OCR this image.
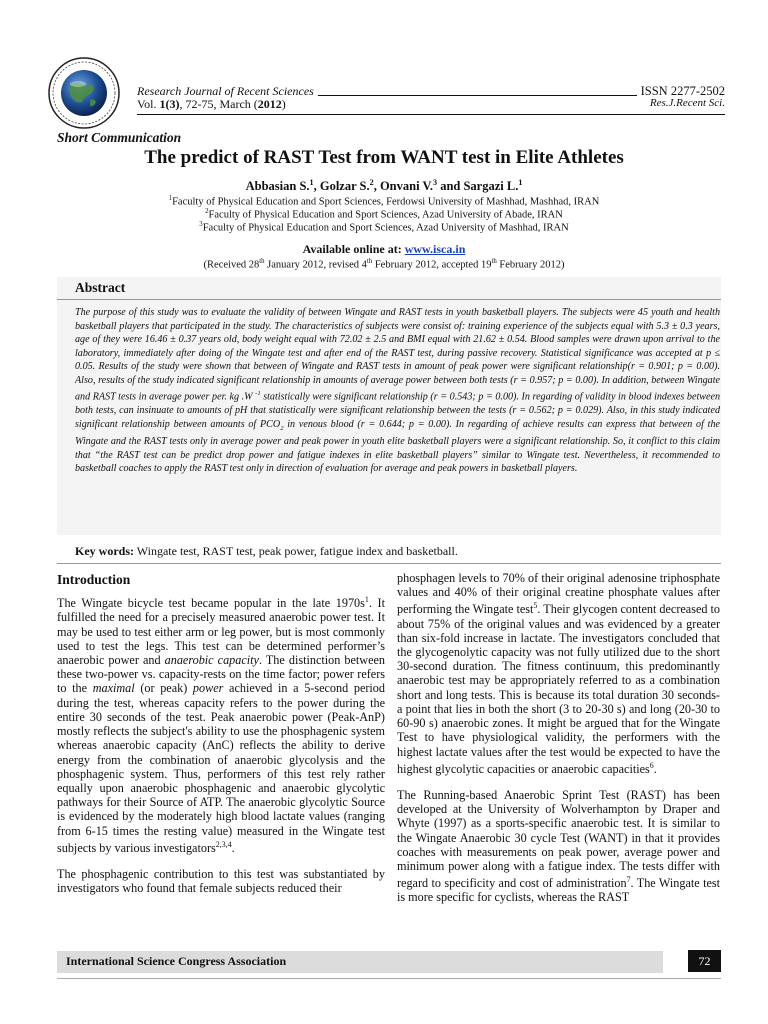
Research Journal of Recent Sciences	ISSN 2277-2502
Vol. 1(3), 72-75, March (2012)	Res.J.Recent Sci.
Short Communication
The predict of RAST Test from WANT test in Elite Athletes
Abbasian S.$^1$, Golzar S.$^2$, Onvani V.$^3$ and Sargazi L.$^1$
$^1$Faculty of Physical Education and Sport Sciences, Ferdowsi University of Mashhad, Mashhad, IRAN
$^2$Faculty of Physical Education and Sport Sciences, Azad University of Abade, IRAN
$^3$Faculty of Physical Education and Sport Sciences, Azad University of Mashhad, IRAN
Available online at: www.isca.in
(Received 28th January 2012, revised 4th February 2012, accepted 19th February 2012)
Abstract
The purpose of this study was to evaluate the validity of between Wingate and RAST tests in youth basketball players. The subjects were 45 youth and health basketball players that participated in the study. The characteristics of subjects were consist of: training experience of the subjects equal with 5.3 ± 0.3 years, age of they were 16.46 ± 0.37 years old, body weight equal with 72.02 ± 2.5 and BMI equal with 21.62 ± 0.54. Blood samples were drawn upon arrival to the laboratory, immediately after doing of the Wingate test and after end of the RAST test, during passive recovery. Statistical significance was accepted at p ≤ 0.05. Results of the study were shown that between of Wingate and RAST tests in amount of peak power were significant relationship(r = 0.901; p = 0.00). Also, results of the study indicated significant relationship in amounts of average power between both tests (r = 0.957; p = 0.00). In addition, between Wingate and RAST tests in average power per. kg .W $^{-1}$ statistically were significant relationship (r = 0.543; p = 0.00). In regarding of validity in blood indexes between both tests, can insinuate to amounts of pH that statistically were significant relationship between the tests (r = 0.562; p = 0.029). Also, in this study indicated significant relationship between amounts of $PCO_2$ in venous blood (r = 0.644; p = 0.00). In regarding of achieve results can express that between of the Wingate and the RAST tests only in average power and peak power in youth elite basketball players were a significant relationship. So, it conflict to this claim that “the RAST test can be predict drop power and fatigue indexes in elite basketball players” similar to Wingate test. Nevertheless, it recommended to basketball coaches to apply the RAST test only in direction of evaluation for average and peak powers in basketball players.
Key words: Wingate test, RAST test, peak power, fatigue index and basketball.
Introduction

The Wingate bicycle test became popular in the late $1970s^1$. It fulfilled the need for a precisely measured anaerobic power test. It may be used to test either arm or leg power, but is most commonly used to test the legs. This test can be determined performer’s anaerobic power and anaerobic capacity. The distinction between these two-power vs. capacity-rests on the time factor; power refers to the maximal (or peak) power achieved in a 5-second period during the test, whereas capacity refers to the power during the entire 30 seconds of the test. Peak anaerobic power (Peak-AnP) mostly reflects the subject's ability to use the phosphagenic system whereas anaerobic capacity (AnC) reflects the ability to derive energy from the combination of anaerobic glycolysis and the phosphagenic system. Thus, performers of this test rely rather equally upon anaerobic phosphagenic and anaerobic glycolytic pathways for their Source of ATP. The anaerobic glycolytic Source is evidenced by the moderately high blood lactate values (ranging from 6-15 times the resting value) measured in the Wingate test subjects by various investigators$^{2,3,4}$.

The phosphagenic contribution to this test was substantiated by investigators who found that female subjects reduced their

phosphagen levels to 70% of their original adenosine triphosphate values and 40% of their original creatine phosphate values after performing the Wingate test$^5$. Their glycogen content decreased to about 75% of the original values and was evidenced by a greater than six-fold increase in lactate. The investigators concluded that the glycogenolytic capacity was not fully utilized due to the short 30-second duration. The fitness continuum, this predominantly anaerobic test may be appropriately referred to as a combination short and long tests. This is because its total duration 30 seconds-a point that lies in both the short (3 to 20-30 s) and long (20-30 to 60-90 s) anaerobic zones. It might be argued that for the Wingate Test to have physiological validity, the performers with the highest lactate values after the test would be expected to have the highest glycolytic capacities or anaerobic capacities$^6$.

The Running-based Anaerobic Sprint Test (RAST) has been developed at the University of Wolverhampton by Draper and Whyte (1997) as a sports-specific anaerobic test. It is similar to the Wingate Anaerobic 30 cycle Test (WANT) in that it provides coaches with measurements on peak power, average power and minimum power along with a fatigue index. The tests differ with regard to specificity and cost of administration$^7$. The Wingate test is more specific for cyclists, whereas the RAST

International Science Congress Association	72
